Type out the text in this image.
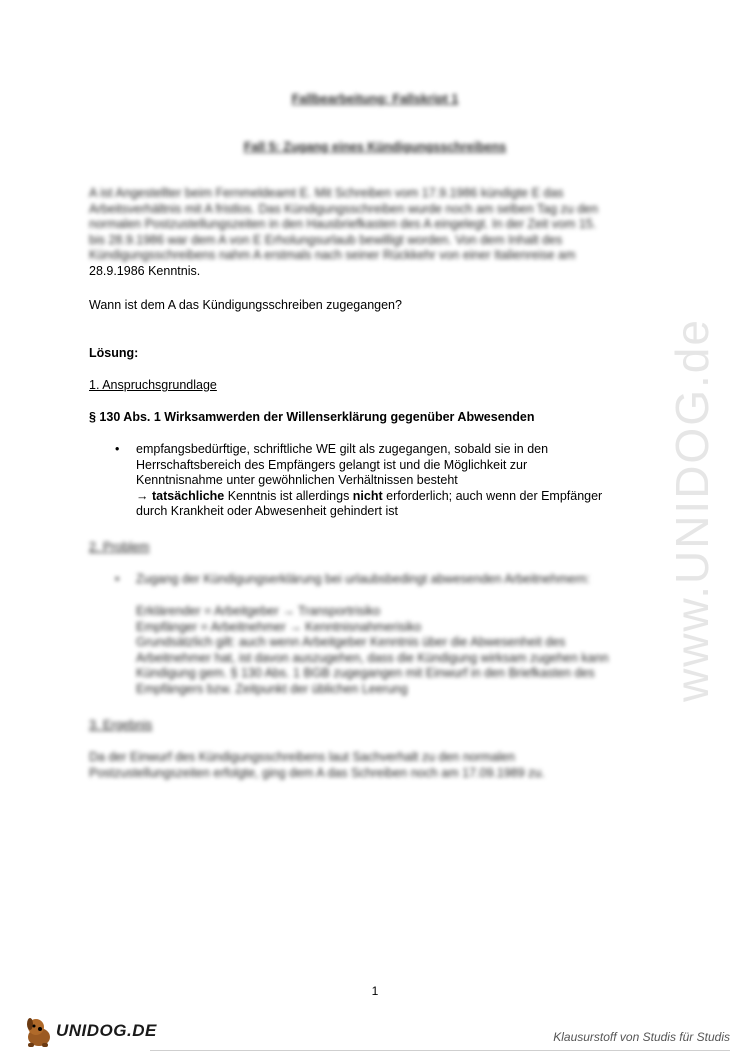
www.UNIDOG.de
Fallbearbeitung: Fallskript 1
Fall 5: Zugang eines Kündigungsschreibens
A ist Angestellter beim Fernmeldeamt E. Mit Schreiben vom 17.9.1986 kündigte E das
Arbeitsverhältnis mit A fristlos. Das Kündigungsschreiben wurde noch am selben Tag zu den
normalen Postzustellungszeiten in den Hausbriefkasten des A eingelegt. In der Zeit vom 15.
bis 28.9.1986 war dem A von E Erholungsurlaub bewilligt worden. Von dem Inhalt des
Kündigungsschreibens nahm A erstmals nach seiner Rückkehr von einer Italienreise am
28.9.1986 Kenntnis.
Wann ist dem A das Kündigungsschreiben zugegangen?
Lösung:
1. Anspruchsgrundlage
§ 130 Abs. 1 Wirksamwerden der Willenserklärung gegenüber Abwesenden
• empfangsbedürftige, schriftliche WE gilt als zugegangen, sobald sie in den
Herrschaftsbereich des Empfängers gelangt ist und die Möglichkeit zur
Kenntnisnahme unter gewöhnlichen Verhältnissen besteht
→ tatsächliche Kenntnis ist allerdings nicht erforderlich; auch wenn der Empfänger
durch Krankheit oder Abwesenheit gehindert ist
2. Problem
• Zugang der Kündigungserklärung bei urlaubsbedingt abwesenden Arbeitnehmern:
Erklärender = Arbeitgeber → Transportrisiko
Empfänger = Arbeitnehmer → Kenntnisnahmerisiko
Grundsätzlich gilt: auch wenn Arbeitgeber Kenntnis über die Abwesenheit des
Arbeitnehmer hat, ist davon auszugehen, dass die Kündigung wirksam zugehen kann
Kündigung gem. § 130 Abs. 1 BGB zugegangen mit Einwurf in den Briefkasten des
Empfängers bzw. Zeitpunkt der üblichen Leerung
3. Ergebnis
Da der Einwurf des Kündigungsschreibens laut Sachverhalt zu den normalen
Postzustellungszeiten erfolgte, ging dem A das Schreiben noch am 17.09.1989 zu.
1
UNIDOG.DE	Klausurstoff von Studis für Studis
